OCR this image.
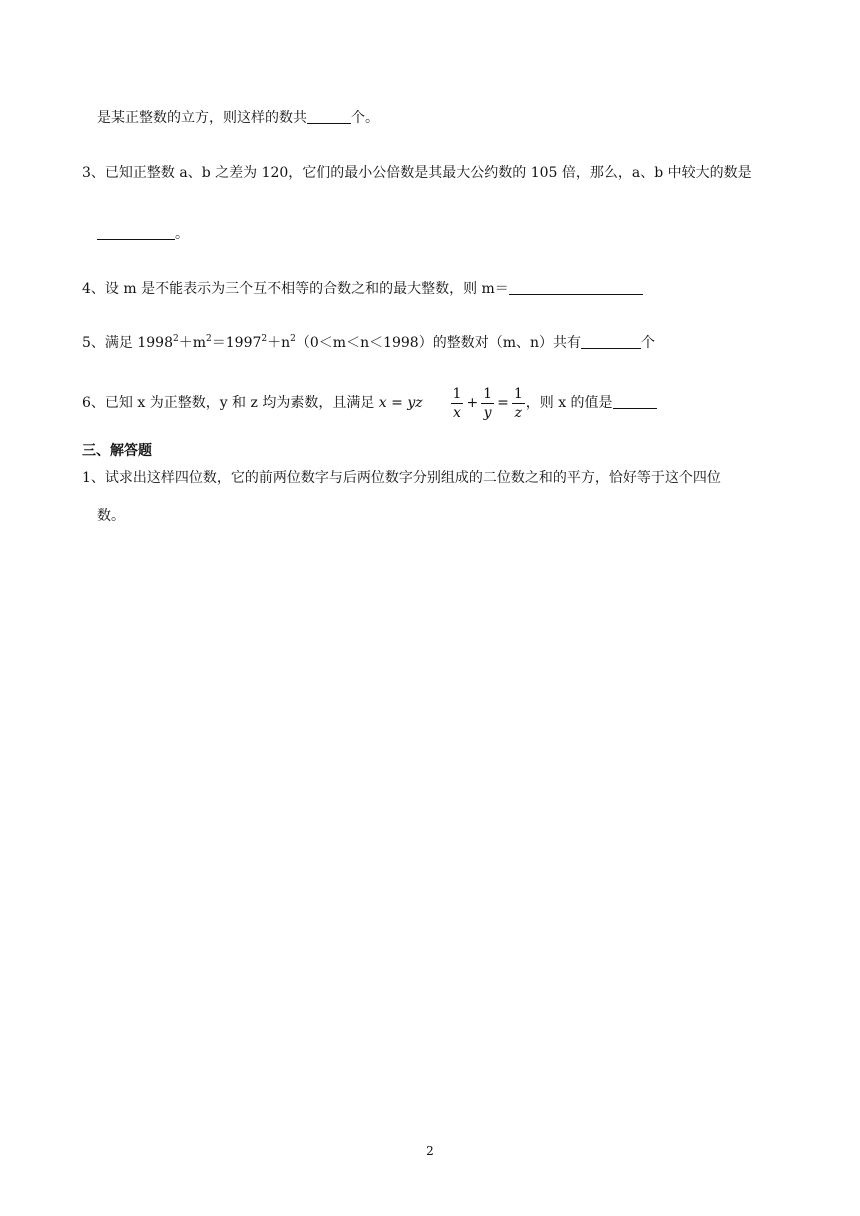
是某正整数的立方，则这样的数共	个。
3、已知正整数 a、b 之差为 120，它们的最小公倍数是其最大公约数的 105 倍，那么，a、b 中较大的数是
。
4、设 m 是不能表示为三个互不相等的合数之和的最大整数，则 m＝
5、满足 $1998^2+m^2=1997^2+n^2(0<m<n<1998)$的整数对（m、n）共有	个
6、已知 x 为正整数，y 和 z 均为素数，且满足 x = yz $\frac{1}{x} + \frac{1}{y} = \frac{1}{z}$ ，则 x 的值是
三、解答题
1、试求出这样四位数，它的前两位数字与后两位数字分别组成的二位数之和的平方，恰好等于这个四位
数。
2
